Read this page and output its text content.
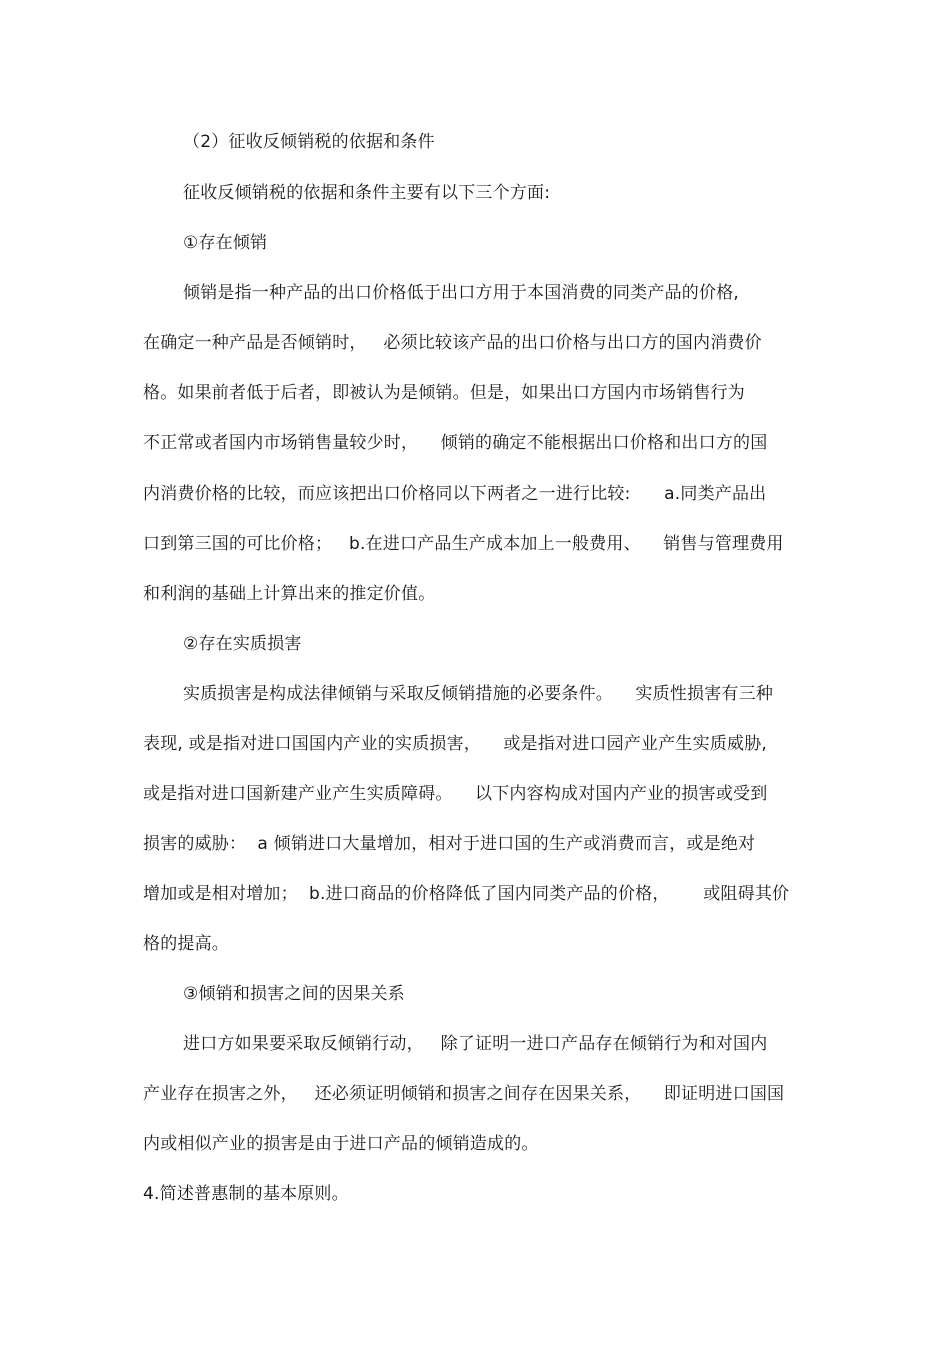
（2）征收反倾销税的依据和条件
征收反倾销税的依据和条件主要有以下三个方面:
①存在倾销
倾销是指一种产品的出口价格低于出口方用于本国消费的同类产品的价格,
在确定一种产品是否倾销时，   必须比较该产品的出口价格与出口方的国内消费价
格。如果前者低于后者，即被认为是倾销。但是，如果出口方国内市场销售行为
不正常或者国内市场销售量较少时，    倾销的确定不能根据出口价格和出口方的国
内消费价格的比较，而应该把出口价格同以下两者之一进行比较:      a.同类产品出
口到第三国的可比价格；   b.在进口产品生产成本加上一般费用、    销售与管理费用
和利润的基础上计算出来的推定价值。
②存在实质损害
实质损害是构成法律倾销与采取反倾销措施的必要条件。    实质性损害有三种
表现, 或是指对进口国国内产业的实质损害，    或是指对进口园产业产生实质威胁,
或是指对进口国新建产业产生实质障碍。    以下内容构成对国内产业的损害或受到
损害的威胁：  a 倾销进口大量增加，相对于进口国的生产或消费而言，或是绝对
增加或是相对增加；  b.进口商品的价格降低了国内同类产品的价格，      或阻碍其价
格的提高。
③倾销和损害之间的因果关系
进口方如果要采取反倾销行动，   除了证明一进口产品存在倾销行为和对国内
产业存在损害之外，   还必须证明倾销和损害之间存在因果关系，    即证明进口国国
内或相似产业的损害是由于进口产品的倾销造成的。
4.简述普惠制的基本原则。
